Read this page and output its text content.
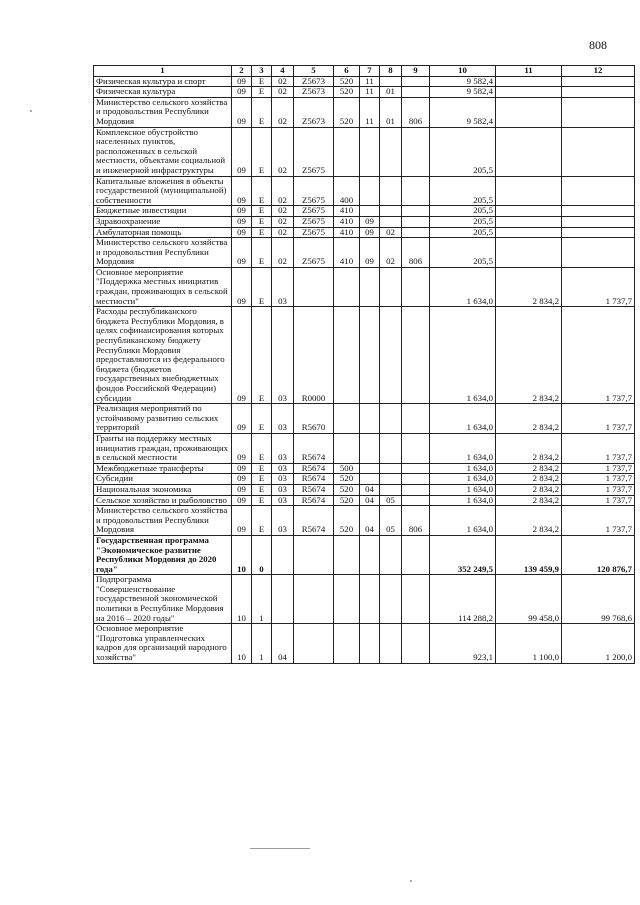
808
1	2	3	4	5	6	7	8	9	10	11	12
Физическая культура и спорт	09	E	02	Z5673	520	11			9 582,4		
Физическая культура	09	E	02	Z5673	520	11	01		9 582,4		
Министерство сельского хозяйства и продовольствия Республики Мордовия	09	E	02	Z5673	520	11	01	806	9 582,4		
Комплексное обустройство населенных пунктов, расположенных в сельской местности, объектами социальной и инженерной инфраструктуры	09	E	02	Z5675					205,5		
Капитальные вложения в объекты государственной (муниципальной) собственности	09	E	02	Z5675	400				205,5		
Бюджетные инвестиции	09	E	02	Z5675	410				205,5		
Здравоохранение	09	E	02	Z5675	410	09			205,5		
Амбулаторная помощь	09	E	02	Z5675	410	09	02		205,5		
Министерство сельского хозяйства и продовольствия Республики Мордовия	09	E	02	Z5675	410	09	02	806	205,5		
Основное мероприятие "Поддержка местных инициатив граждан, проживающих в сельской местности"	09	E	03						1 634,0	2 834,2	1 737,7
Расходы республиканского бюджета Республики Мордовия, в целях софинансирования которых республиканскому бюджету Республики Мордовия предоставляются из федерального бюджета (бюджетов государственных внебюджетных фондов Российской Федерации) субсидии	09	E	03	R0000					1 634,0	2 834,2	1 737,7
Реализация мероприятий по устойчивому развитию сельских территорий	09	E	03	R5670					1 634,0	2 834,2	1 737,7
Гранты на поддержку местных инициатив граждан, проживающих в сельской местности	09	E	03	R5674					1 634,0	2 834,2	1 737,7
Межбюджетные трансферты	09	E	03	R5674	500				1 634,0	2 834,2	1 737,7
Субсидии	09	E	03	R5674	520				1 634,0	2 834,2	1 737,7
Национальная экономика	09	E	03	R5674	520	04			1 634,0	2 834,2	1 737,7
Сельское хозяйство и рыболовство	09	E	03	R5674	520	04	05		1 634,0	2 834,2	1 737,7
Министерство сельского хозяйства и продовольствия Республики Мордовия	09	E	03	R5674	520	04	05	806	1 634,0	2 834,2	1 737,7
Государственная программа "Экономическое развитие Республики Мордовия до 2020 года"	10	0							352 249,5	139 459,9	120 876,7
Подпрограмма "Совершенствование государственной экономической политики в Республике Мордовия на 2016 – 2020 годы"	10	1							114 288,2	99 458,0	99 768,6
Основное мероприятие "Подготовка управленческих кадров для организаций народного хозяйства"	10	1	04						923,1	1 100,0	1 200,0
